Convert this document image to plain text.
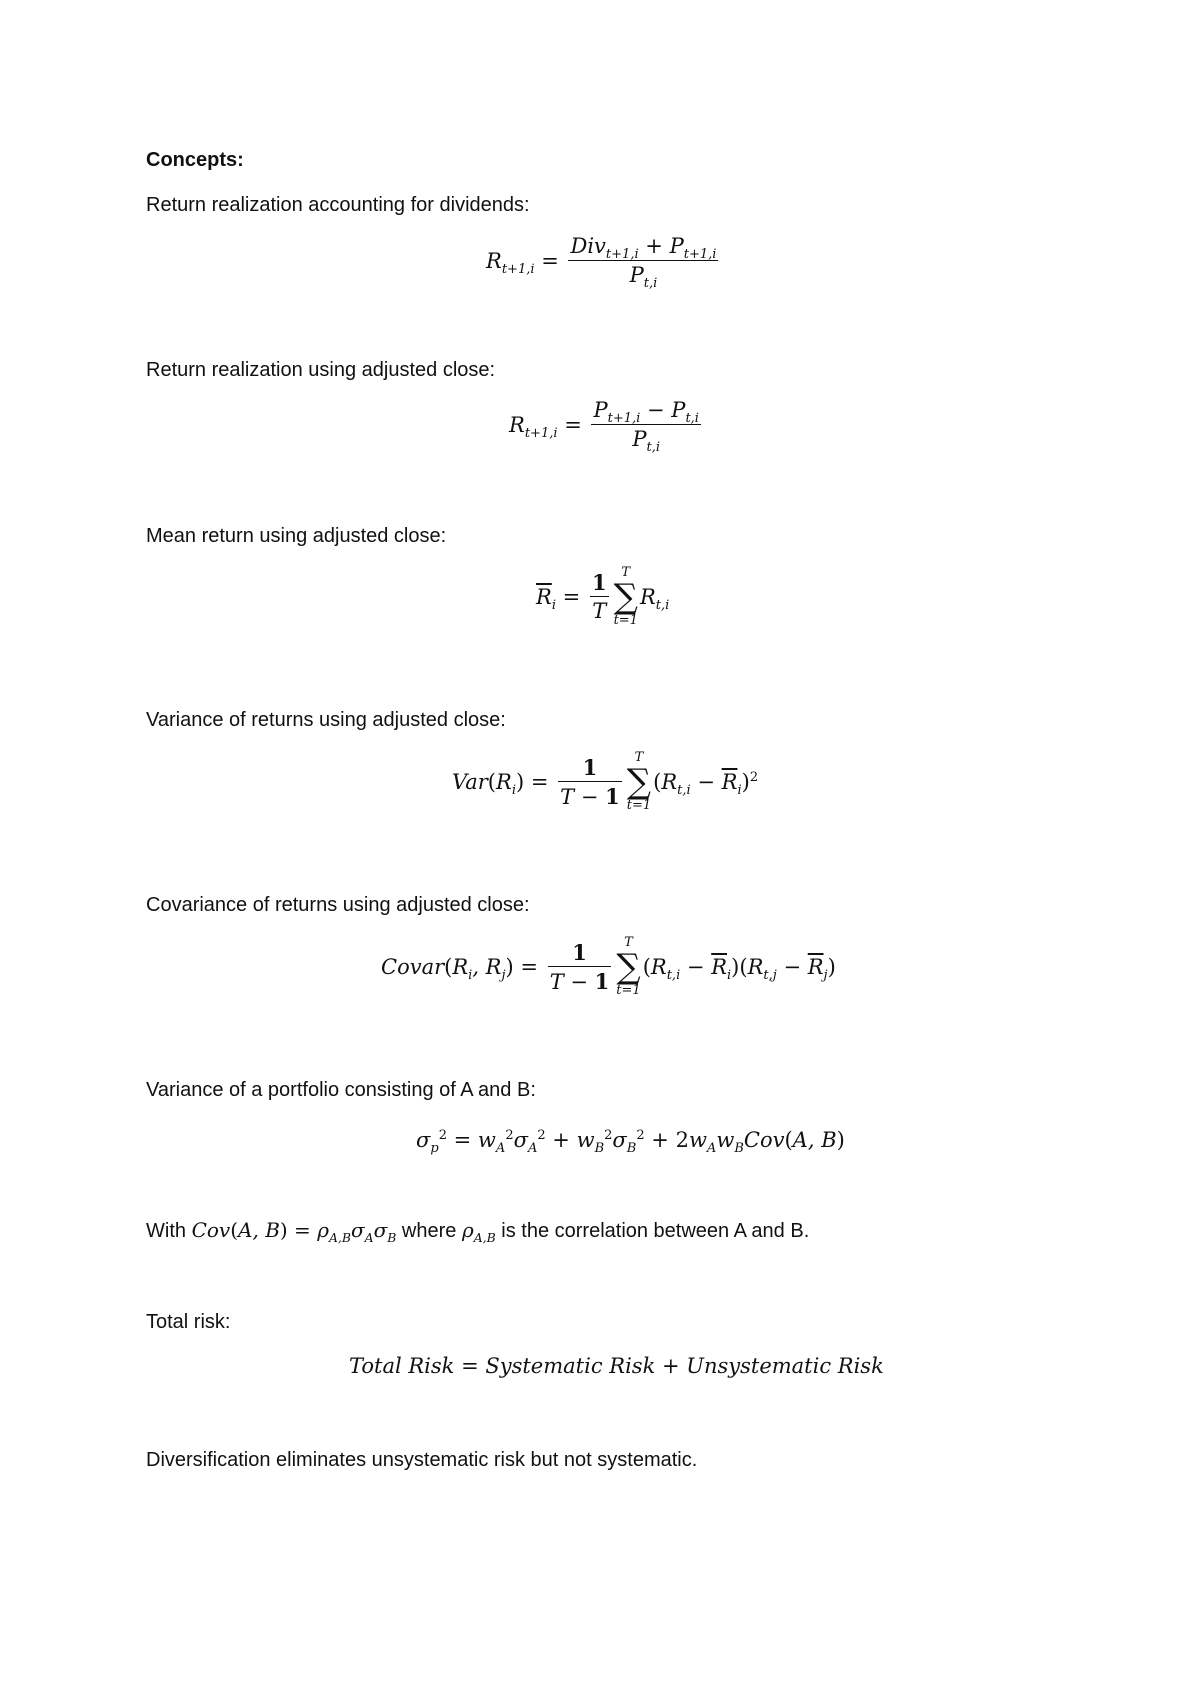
Concepts:
Return realization accounting for dividends:
$R_{t+1,i} = \frac{Div_{t+1,i} + P_{t+1,i}}{P_{t,i}}$
Return realization using adjusted close:
$R_{t+1,i} = \frac{P_{t+1,i} - P_{t,i}}{P_{t,i}}$
Mean return using adjusted close:
$\overline{R}_i = \frac{1}{T}$ T
∑
t=1
$R_{t,i}$
Variance of returns using adjusted close:
$Var(R_i) = \frac{1}{T - 1}$ T
∑
t=1
$(R_{t,i} - \overline{R}_i)^2$
Covariance of returns using adjusted close:
$Covar(R_i$, $R_j) = \frac{1}{T - 1}$ T
∑
t=1
$(R_{t,i} - \overline{R}_i)(R_{t,j} - \overline{R}_j)$
Variance of a portfolio consisting of A and B:
$\sigma_p^2 = w_A^2\sigma_A^2 + w_B^2\sigma_B^2 + 2w_Aw_BCov(A$, B)
With Cov(A, $B) = \rho_{A,B}\sigma_A\sigma_B$ where $\rho_{A,B}$ is the correlation between A and B.
Total risk:
Total Risk = Systematic Risk + Unsystematic Risk
Diversification eliminates unsystematic risk but not systematic.
